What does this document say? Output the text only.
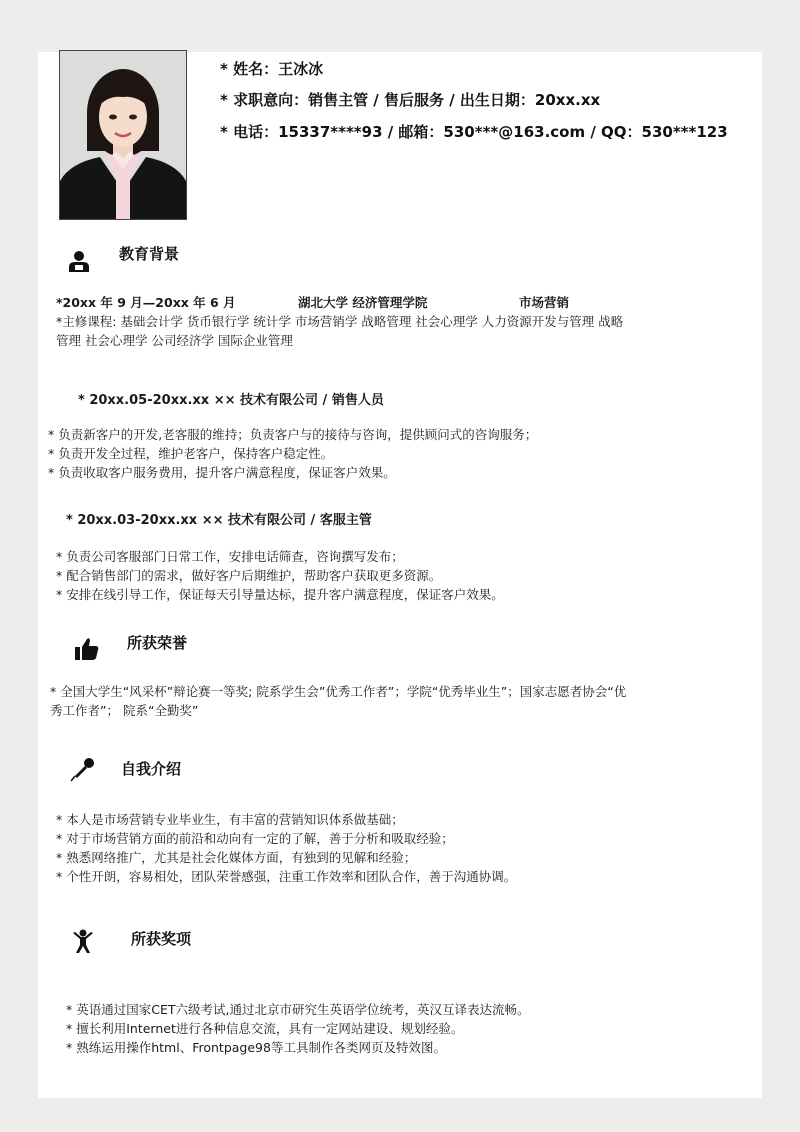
* 姓名：王冰冰
* 求职意向：销售主管 / 售后服务 / 出生日期：20xx.xx
* 电话：15337****93 / 邮箱：530***@163.com / QQ：530***123
教育背景
*20xx 年 9 月—20xx 年 6 月	湖北大学 经济管理学院	市场营销
*主修课程: 基础会计学 货币银行学 统计学 市场营销学 战略管理 社会心理学 人力资源开发与管理 战略
管理 社会心理学 公司经济学 国际企业管理
* 20xx.05-20xx.xx ×× 技术有限公司 / 销售人员
* 负责新客户的开发,老客服的维持；负责客户与的接待与咨询，提供顾问式的咨询服务；
* 负责开发全过程，维护老客户，保持客户稳定性。
* 负责收取客户服务费用，提升客户满意程度，保证客户效果。
* 20xx.03-20xx.xx ×× 技术有限公司 / 客服主管
* 负责公司客服部门日常工作，安排电话筛查，咨询撰写发布；
* 配合销售部门的需求，做好客户后期维护，帮助客户获取更多资源。
* 安排在线引导工作，保证每天引导量达标，提升客户满意程度，保证客户效果。
所获荣誉
* 全国大学生“风采杯”辩论赛一等奖; 院系学生会”优秀工作者”；学院“优秀毕业生”；国家志愿者协会“优
秀工作者”； 院系“全勤奖”
自我介绍
* 本人是市场营销专业毕业生，有丰富的营销知识体系做基础；
* 对于市场营销方面的前沿和动向有一定的了解，善于分析和吸取经验；
* 熟悉网络推广，尤其是社会化媒体方面，有独到的见解和经验；
* 个性开朗，容易相处，团队荣誉感强，注重工作效率和团队合作，善于沟通协调。
所获奖项
* 英语通过国家CET六级考试,通过北京市研究生英语学位统考，英汉互译表达流畅。
* 擅长利用Internet进行各种信息交流，具有一定网站建设、规划经验。
* 熟练运用操作html、Frontpage98等工具制作各类网页及特效图。
